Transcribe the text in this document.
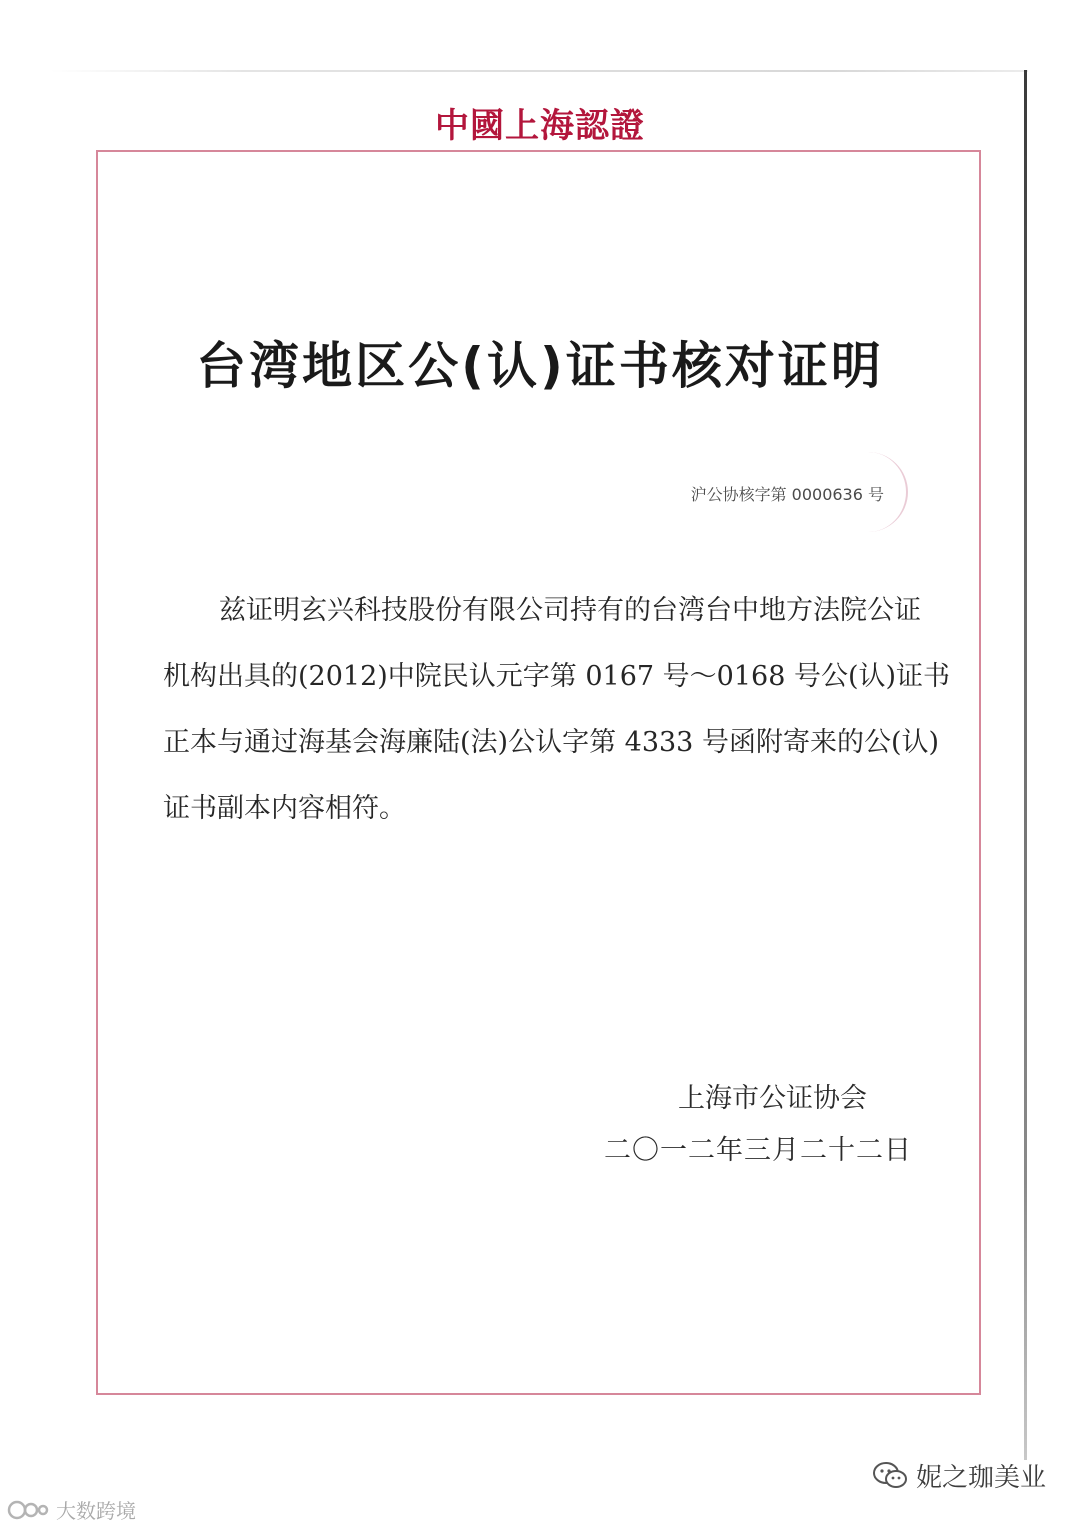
中國上海認證
台湾地区公(认)证书核对证明
沪公协核字第 0000636 号
兹证明玄兴科技股份有限公司持有的台湾台中地方法院公证
机构出具的(2012)中院民认元字第 0167 号～0168 号公(认)证书
正本与通过海基会海廉陆(法)公认字第 4333 号函附寄来的公(认)
证书副本内容相符。
上海市公证协会
二〇一二年三月二十二日
大数跨境
妮之珈美业
